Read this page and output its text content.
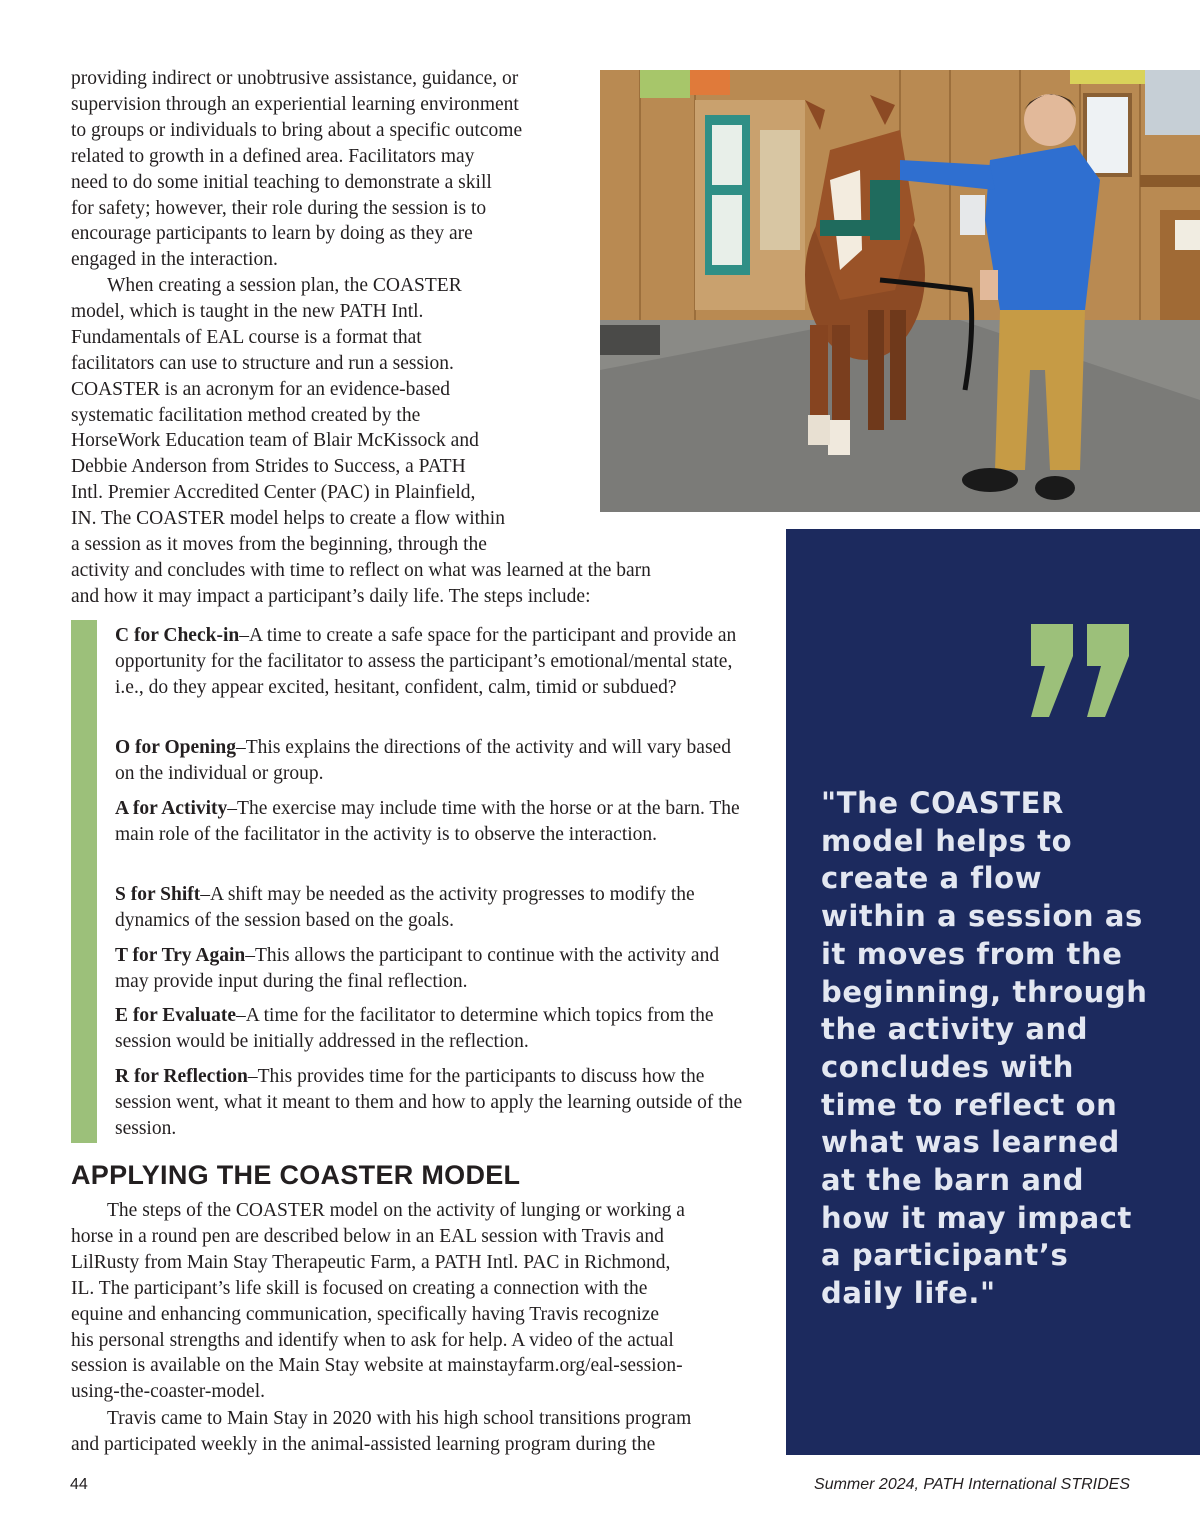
providing indirect or unobtrusive assistance, guidance, or
supervision through an experiential learning environment
to groups or individuals to bring about a specific outcome
related to growth in a defined area. Facilitators may
need to do some initial teaching to demonstrate a skill
for safety; however, their role during the session is to
encourage participants to learn by doing as they are
engaged in the interaction.
When creating a session plan, the COASTER
model, which is taught in the new PATH Intl.
Fundamentals of EAL course is a format that
facilitators can use to structure and run a session.
COASTER is an acronym for an evidence-based
systematic facilitation method created by the
HorseWork Education team of Blair McKissock and
Debbie Anderson from Strides to Success, a PATH
Intl. Premier Accredited Center (PAC) in Plainfield,
IN. The COASTER model helps to create a flow within
a session as it moves from the beginning, through the
activity and concludes with time to reflect on what was learned at the barn
and how it may impact a participant’s daily life. The steps include:

C for Check-in–A time to create a safe space for the participant and provide an opportunity for the facilitator to assess the participant’s emotional/mental state, i.e., do they appear excited, hesitant, confident, calm, timid or subdued?

O for Opening–This explains the directions of the activity and will vary based on the individual or group.

A for Activity–The exercise may include time with the horse or at the barn. The main role of the facilitator in the activity is to observe the interaction.

S for Shift–A shift may be needed as the activity progresses to modify the dynamics of the session based on the goals.

T for Try Again–This allows the participant to continue with the activity and may provide input during the final reflection.

E for Evaluate–A time for the facilitator to determine which topics from the session would be initially addressed in the reflection.

R for Reflection–This provides time for the participants to discuss how the session went, what it meant to them and how to apply the learning outside of the session.

APPLYING THE COASTER MODEL
The steps of the COASTER model on the activity of lunging or working a
horse in a round pen are described below in an EAL session with Travis and
LilRusty from Main Stay Therapeutic Farm, a PATH Intl. PAC in Richmond,
IL. The participant’s life skill is focused on creating a connection with the
equine and enhancing communication, specifically having Travis recognize
his personal strengths and identify when to ask for help. A video of the actual
session is available on the Main Stay website at mainstayfarm.org/eal-session-
using-the-coaster-model.
Travis came to Main Stay in 2020 with his high school transitions program
and participated weekly in the animal-assisted learning program during the
"The COASTER
model helps to
create a flow
within a session as
it moves from the
beginning, through
the activity and
concludes with
time to reflect on
what was learned
at the barn and
how it may impact
a participant’s
daily life."
44	Summer 2024, PATH International STRIDES
